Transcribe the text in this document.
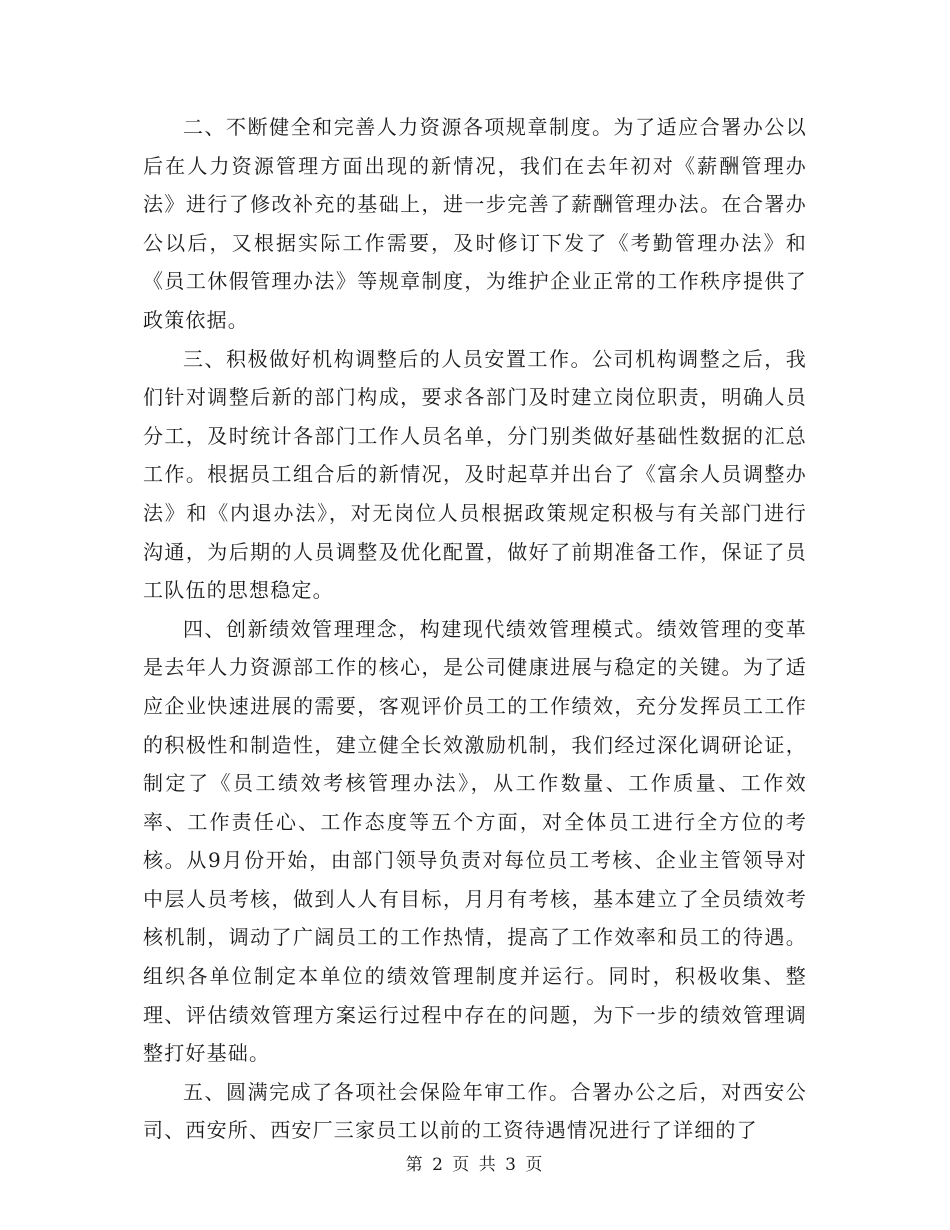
二、不断健全和完善人力资源各项规章制度。为了适应合署办公以后在人力资源管理方面出现的新情况，我们在去年初对《薪酬管理办法》进行了修改补充的基础上，进一步完善了薪酬管理办法。在合署办公以后，又根据实际工作需要，及时修订下发了《考勤管理办法》和《员工休假管理办法》等规章制度，为维护企业正常的工作秩序提供了政策依据。

三、积极做好机构调整后的人员安置工作。公司机构调整之后，我们针对调整后新的部门构成，要求各部门及时建立岗位职责，明确人员分工，及时统计各部门工作人员名单，分门别类做好基础性数据的汇总工作。根据员工组合后的新情况，及时起草并出台了《富余人员调整办法》和《内退办法》，对无岗位人员根据政策规定积极与有关部门进行沟通，为后期的人员调整及优化配置，做好了前期准备工作，保证了员工队伍的思想稳定。

四、创新绩效管理理念，构建现代绩效管理模式。绩效管理的变革是去年人力资源部工作的核心，是公司健康进展与稳定的关键。为了适应企业快速进展的需要，客观评价员工的工作绩效，充分发挥员工工作的积极性和制造性，建立健全长效激励机制，我们经过深化调研论证，制定了《员工绩效考核管理办法》，从工作数量、工作质量、工作效率、工作责任心、工作态度等五个方面，对全体员工进行全方位的考核。从9月份开始，由部门领导负责对每位员工考核、企业主管领导对中层人员考核，做到人人有目标，月月有考核，基本建立了全员绩效考核机制，调动了广阔员工的工作热情，提高了工作效率和员工的待遇。组织各单位制定本单位的绩效管理制度并运行。同时，积极收集、整理、评估绩效管理方案运行过程中存在的问题，为下一步的绩效管理调整打好基础。

五、圆满完成了各项社会保险年审工作。合署办公之后，对西安公司、西安所、西安厂三家员工以前的工资待遇情况进行了详细的了

第 2 页 共 3 页
